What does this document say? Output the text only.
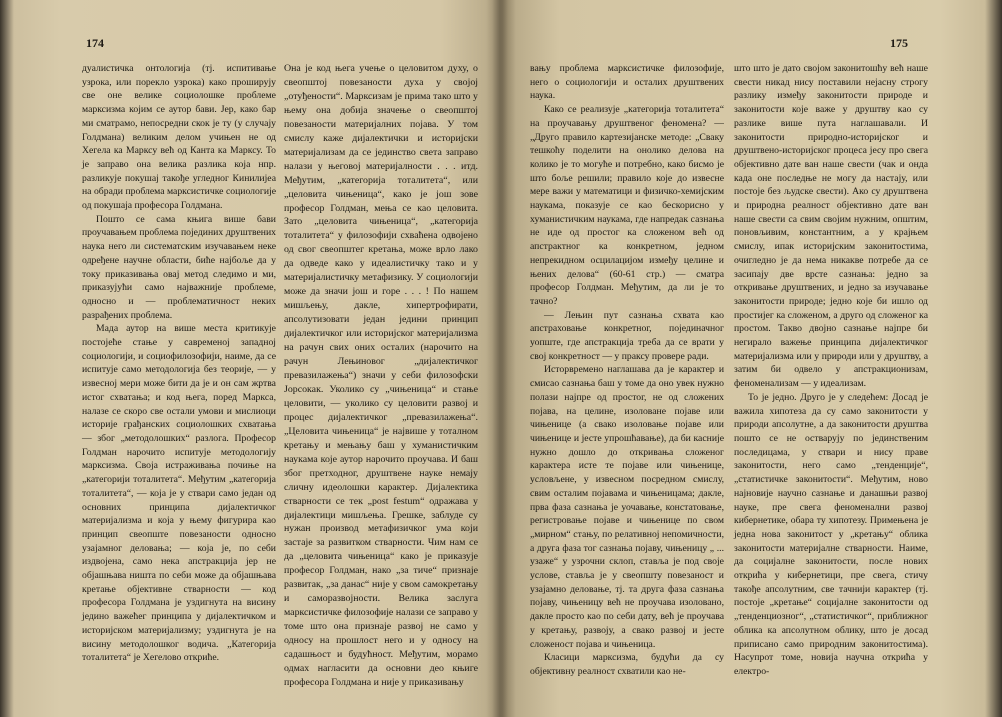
174

дуалистичка онтологија (тј. испитивање узрока, или порекло узрока) како проширују све оне велике социолошке проблеме марксизма којим се аутор бави. Јер, како бар ми сматрамо, непосредни скок је ту (у случају Голдмана) великим делом учињен не од Хегела ка Марксу већ од Канта ка Марксу. То је заправо она велика разлика која нпр. разликује покушај такође угледног Кинилијеа на обради проблема марксистичке социологије од покушаја професора Голдмана.

Пошто се сама књига више бави проучавањем проблема појединих друштвених наука него ли систематским изучавањем неке одређене научне области, биће најбоље да у току приказивања овај метод следимо и ми, приказујући само најважније проблеме, односно и — проблематичност неких разрађених проблема.

Мада аутор на више места критикује постојеће стање у савременој западној социологији, и социофилозофији, наиме, да се испитује само методологија без теорије, — у извесној мери може бити да је и он сам жртва истог схватања; и код њега, поред Маркса, налазе се скоро све остали умови и мислиоци историје грађанских социолошких схватања — због „методолошких“ разлога. Професор Голдман нарочито испитује методологију марксизма. Своја истраживања почиње на „категорији тоталитета“. Међутим „категорија тоталитета“, — која је у ствари само један од основних принципа дијалектичког материјализма и која у њему фигурира као принцип свеопште повезаности односно узајамног деловања; — која је, по себи издвојена, само нека апстракција јер не објашњава ништа по себи може да објашњава кретање објективне стварности — код професора Голдмана је уздигнута на висину једино важећег принципа у дијалектичком и историјском материјализму; уздигнута је на висину методолошког водича. „Категорија тоталитета“ је Хегелово откриће.

Она је код њега учење о целовитом духу, о свеопштој повезаности духа у својој „отуђености“. Марксизам је прима тако што у њему она добија значење о свеопштој повезаности материјалних појава. У том смислу каже дијалектички и историјски материјализам да се јединство света заправо налази у његовој материјалности . . . итд. Међутим, „категорија тоталитета“, или „целовита чињеница“, како је још зове професор Голдман, мења се као целовита. Зато „целовита чињеница“, „категорија тоталитета“ у филозофији схваћена одвојено од свог свеопштег кретања, може врло лако да одведе како у идеалистичку тако и у материјалистичку метафизику. У социологији може да значи још и горе . . . ! По нашем мишљењу, дакле, хипертрофирати, апсолутизовати један једини принцип дијалектичког или историјског материјализма на рачун свих оних осталих (нарочито на рачун Лењиновог „дијалектичког превазилажења“) значи у себи филозофски Јорсокак. Уколико су „чињеница“ и стање целовити, — уколико су целовити развој и процес дијалектичког „превазилажења“. „Целовита чињеница“ је највише у тоталном кретању и мењању баш у хуманистичким наукама које аутор нарочито проучава. И баш због претходног, друштвене науке немају сличну идеолошки карактер. Дијалектика стварности се тек „post festum“ одражава у дијалектици мишљења. Грешке, заблуде су нужан производ метафизичког ума који застаје за развитком стварности. Чим нам се да „целовита чињеница“ како је приказује професор Голдман, нако „за тиче“ признаје развитак, „за данас“ није у свом самокретању и саморазвојности. Велика заслуга марксистичке филозофије налази се заправо у томе што она признаје развој не само у односу на прошлост него и у односу на садашњост и будућност. Међутим, морамо одмах нагласити да основни део књиге професора Голдмана и није у приказивању

175

вању проблема марксистичке филозофије, него о социологији и осталих друштвених наука.

Како се реализује „категорија тоталитета“ на проучавању друштвеног феномена? — „Друго правило картезијанске методе: „Сваку тешкоћу поделити на онолико делова на колико је то могуће и потребно, како бисмо је што боље решили; правило које до извесне мере важи у математици и физичко-хемијским наукама, показује се као бескорисно у хуманистичким наукама, где напредак сазнања не иде од простог ка сложеном већ од апстрактног ка конкретном, једном непрекидном осцилацијом између целине и њених делова“ (60-61 стр.) — сматра професор Голдман. Међутим, да ли је то тачно?

— Лењин пут сазнања схвата као апстраховање конкретног, појединачног уопште, где апстракција треба да се врати у свој конкретност — у праксу провере ради.

Исторвремено наглашава да је карактер и смисао сазнања баш у томе да оно увек нужно полази најпре од простог, не од сложених појава, на целине, изоловане појаве или чињенице (а свако изоловање појаве или чињенице и јесте упрошћавање), да би касније нужно дошло до откривања сложеног карактера исте те појаве или чињенице, условљене, у извесном посредном смислу, свим осталим појавама и чињеницама; дакле, прва фаза сазнања је уочавање, констатовање, регистровање појаве и чињенице по свом „мирном“ стању, по релативној непомичности, а друга фаза тог сазнања појаву, чињеницу „ ... узаже“ у узрочни склоп, ставља је под своје услове, ставља је у свеопшту повезаност и узајамно деловање, тј. та друга фаза сазнања појаву, чињеницу већ не проучава изоловано, дакле просто као по себи дату, већ је проучава у кретању, развоју, а свако развој и јесте сложеност појава и чињеница.

Класици марксизма, будући да су објективну реалност схватили као не-

што што је дато својом законитошћу већ наше свести никад нису поставили нејасну строгу разлику између законитости природе и законитости које важе у друштву као су разлике више пута наглашавали. И законитости природно-историјског и друштвено-историјског процеса јесу про свега објективно дате ван наше свести (чак и онда када оне последње не могу да настају, или постоје без људске свести). Ако су друштвена и природна реалност објективно дате ван наше свести са свим својим нужним, општим, поновљивим, константним, а у крајњем смислу, ипак историјским законитостима, очигледно је да нема никакве потребе да се засипају две врсте сазнања: једно за откривање друштвених, и једно за изучавање законитости природе; једно које би ишло од простијег ка сложеном, а друго од сложеног ка простом. Такво двојно сазнање најпре би негирало важење принципа дијалектичког материјализма или у природи или у друштву, а затим би одвело у апстракционизам, феноменализам — у идеализам.

То је једно. Друго је у следећем: Досад је важила хипотеза да су само законитости у природи апсолутне, а да законитости друштва пошто се не остварују по јединственим последицама, у ствари и нису праве законитости, него само „тенденције“, „статистичке законитости“. Међутим, ново најновије научно сазнање и данашњи развој науке, пре свега феноменални развој кибернетике, обара ту хипотезу. Примењена је једна нова законитост у „кретању“ облика законитости материјалне стварности. Наиме, да социјалне законитости, после нових открића у кибернетици, пре свега, стичу такође апсолутним, све тачнији карактер (тј. постоје „кретање“ социјалне законитости од „тенденциозног“, „статистичког“, приближног облика ка апсолутном облику, што је досад приписано само природним законитостима). Насупрот томе, новија научна открића у електро-
